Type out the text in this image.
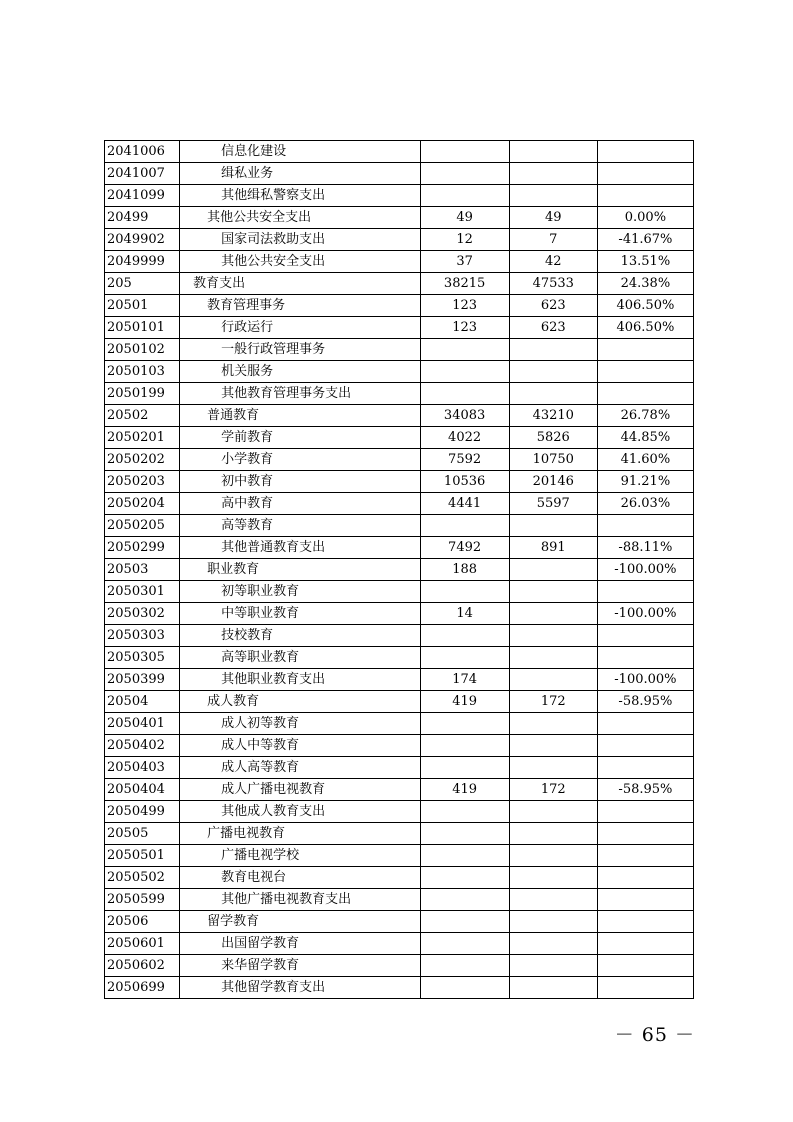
2041006	信息化建设			
2041007	缉私业务			
2041099	其他缉私警察支出			
20499	其他公共安全支出	49	49	0.00%
2049902	国家司法救助支出	12	7	-41.67%
2049999	其他公共安全支出	37	42	13.51%
205	教育支出	38215	47533	24.38%
20501	教育管理事务	123	623	406.50%
2050101	行政运行	123	623	406.50%
2050102	一般行政管理事务			
2050103	机关服务			
2050199	其他教育管理事务支出			
20502	普通教育	34083	43210	26.78%
2050201	学前教育	4022	5826	44.85%
2050202	小学教育	7592	10750	41.60%
2050203	初中教育	10536	20146	91.21%
2050204	高中教育	4441	5597	26.03%
2050205	高等教育			
2050299	其他普通教育支出	7492	891	-88.11%
20503	职业教育	188		-100.00%
2050301	初等职业教育			
2050302	中等职业教育	14		-100.00%
2050303	技校教育			
2050305	高等职业教育			
2050399	其他职业教育支出	174		-100.00%
20504	成人教育	419	172	-58.95%
2050401	成人初等教育			
2050402	成人中等教育			
2050403	成人高等教育			
2050404	成人广播电视教育	419	172	-58.95%
2050499	其他成人教育支出			
20505	广播电视教育			
2050501	广播电视学校			
2050502	教育电视台			
2050599	其他广播电视教育支出			
20506	留学教育			
2050601	出国留学教育			
2050602	来华留学教育			
2050699	其他留学教育支出			
－ 65 －
